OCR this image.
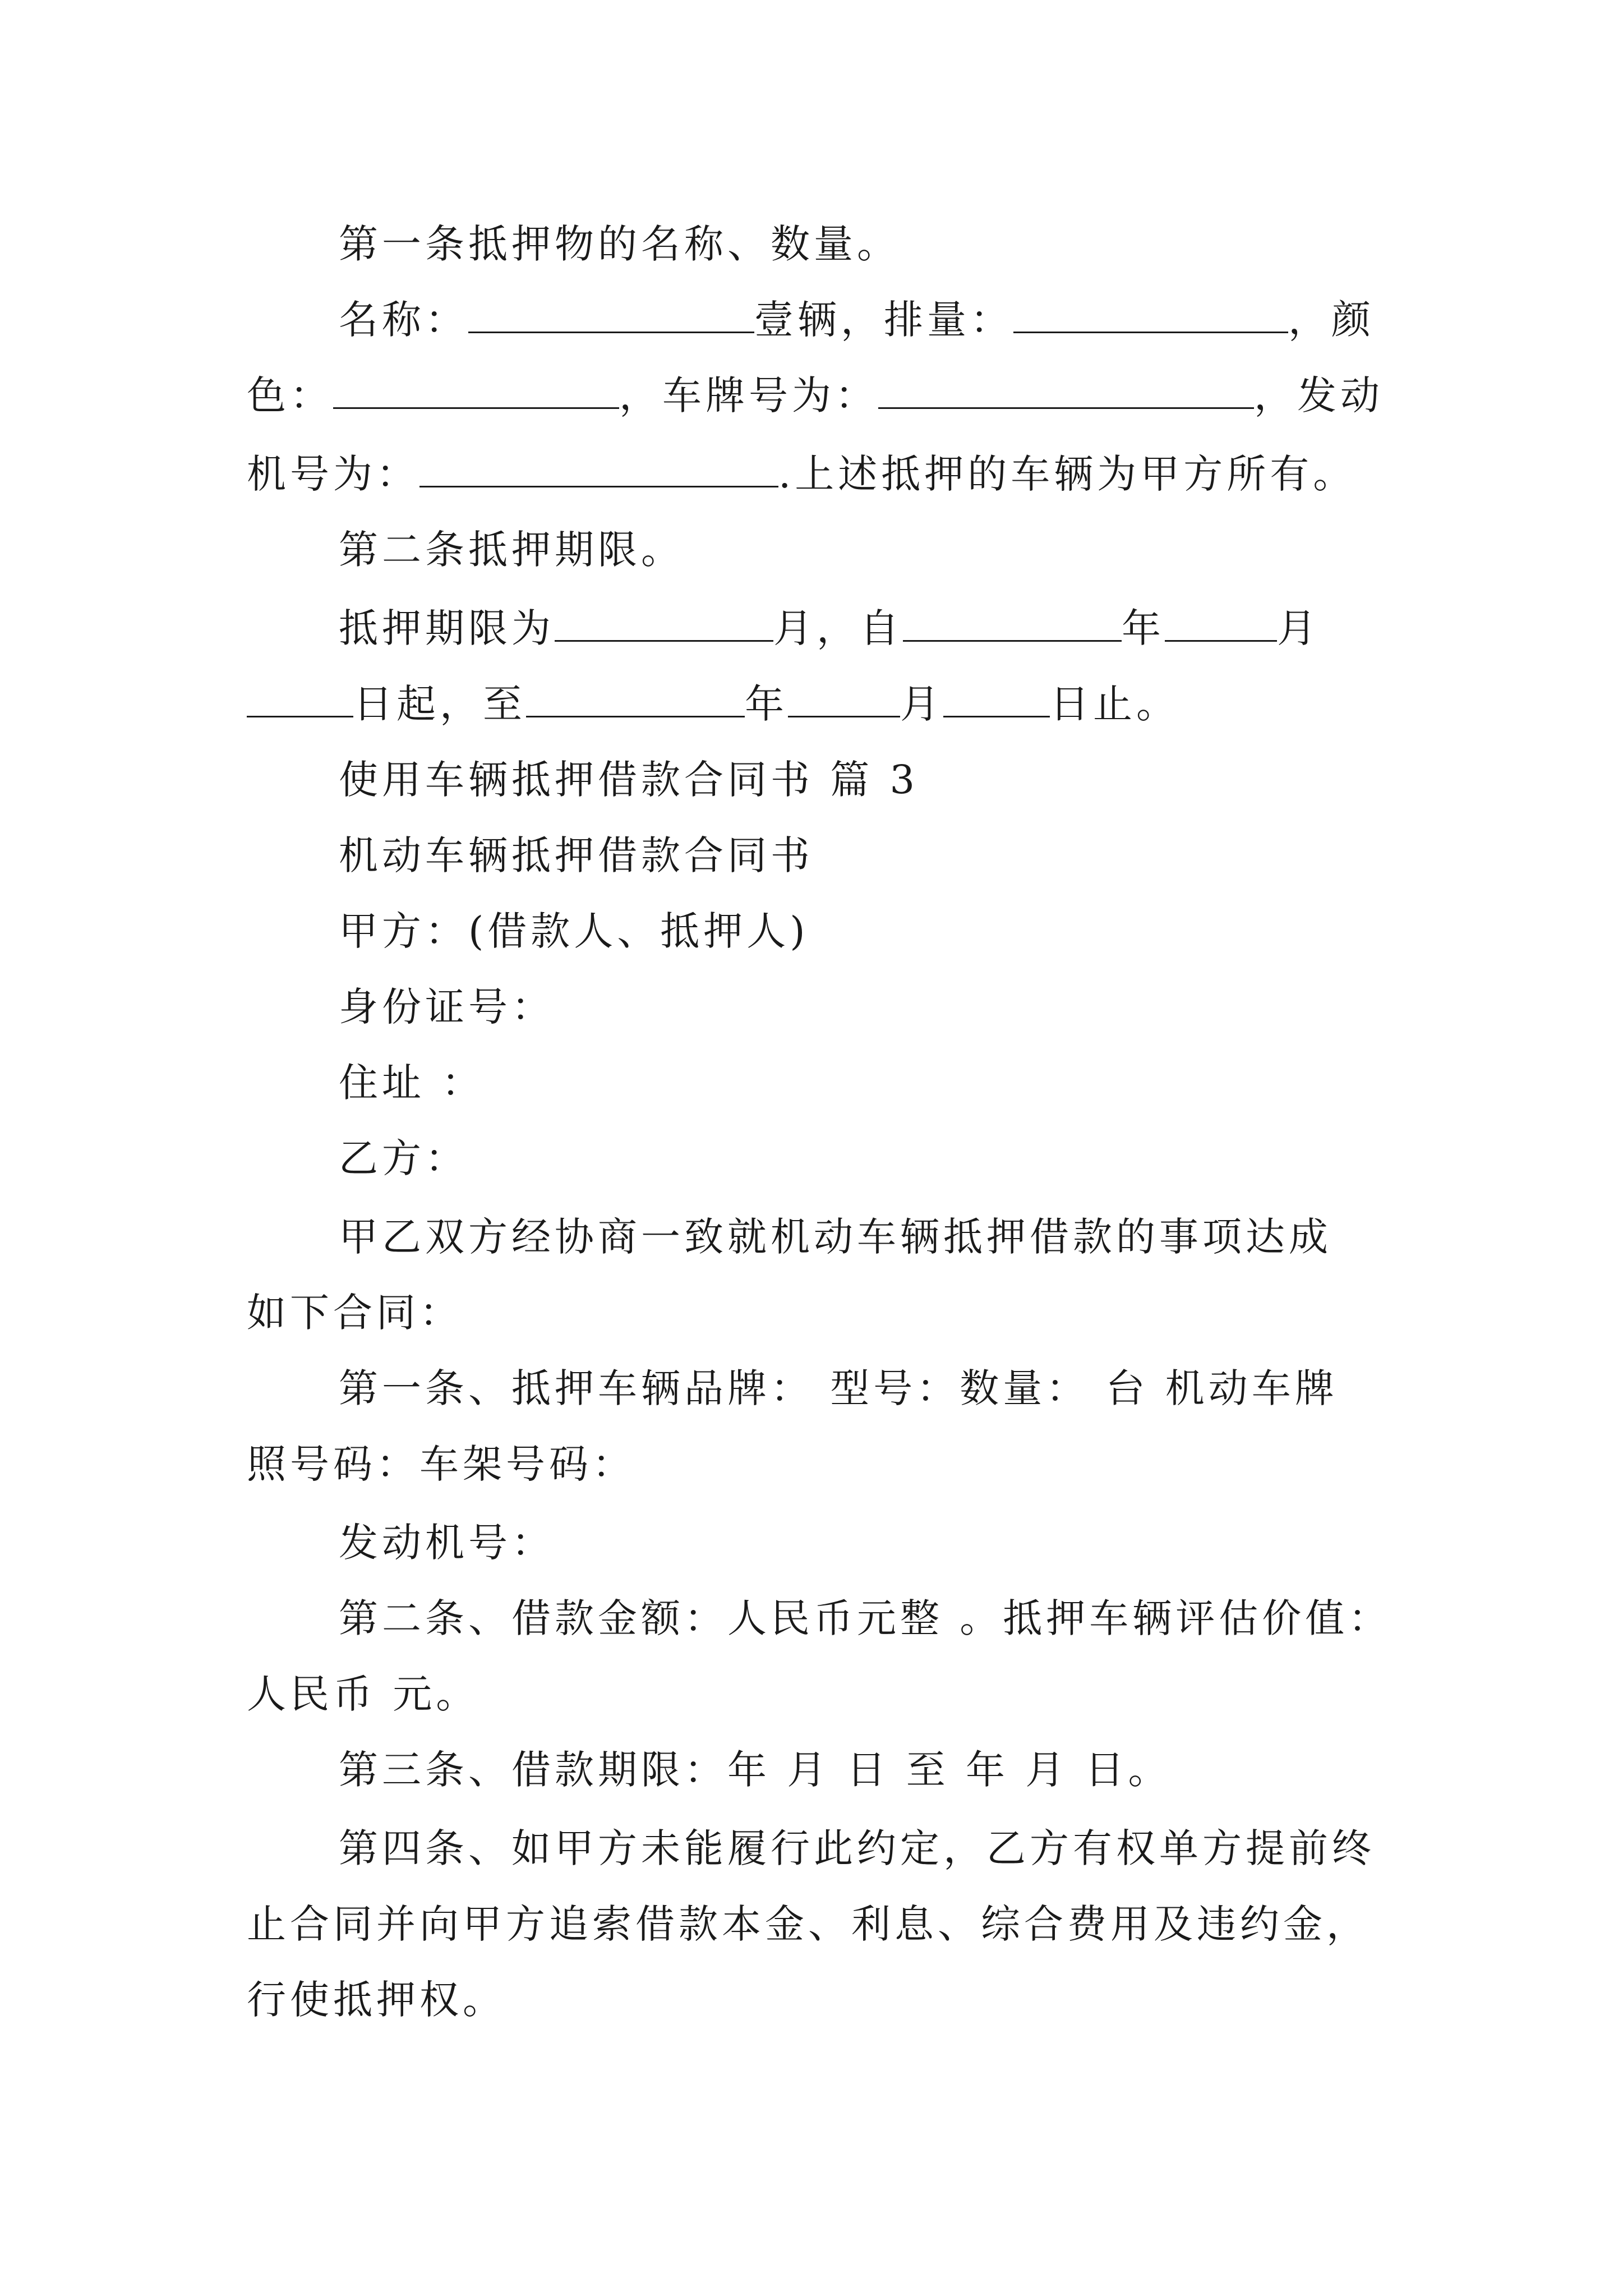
第一条抵押物的名称、数量。
名称：	壹辆，排量：	，颜
色：	，车牌号为：	，发动
机号为：	.上述抵押的车辆为甲方所有。
第二条抵押期限。
抵押期限为	月，自	年	月
日起，至	年	月	日止。
使用车辆抵押借款合同书 篇 3
机动车辆抵押借款合同书
甲方：(借款人、抵押人)
身份证号：
住址 ：
乙方：
甲乙双方经协商一致就机动车辆抵押借款的事项达成
如下合同：
第一条、抵押车辆品牌： 型号：数量： 台 机动车牌
照号码：车架号码：
发动机号：
第二条、借款金额：人民币元整 。抵押车辆评估价值：
人民币 元。
第三条、借款期限：年 月 日 至 年 月 日。
第四条、如甲方未能履行此约定，乙方有权单方提前终
止合同并向甲方追索借款本金、利息、综合费用及违约金，
行使抵押权。
